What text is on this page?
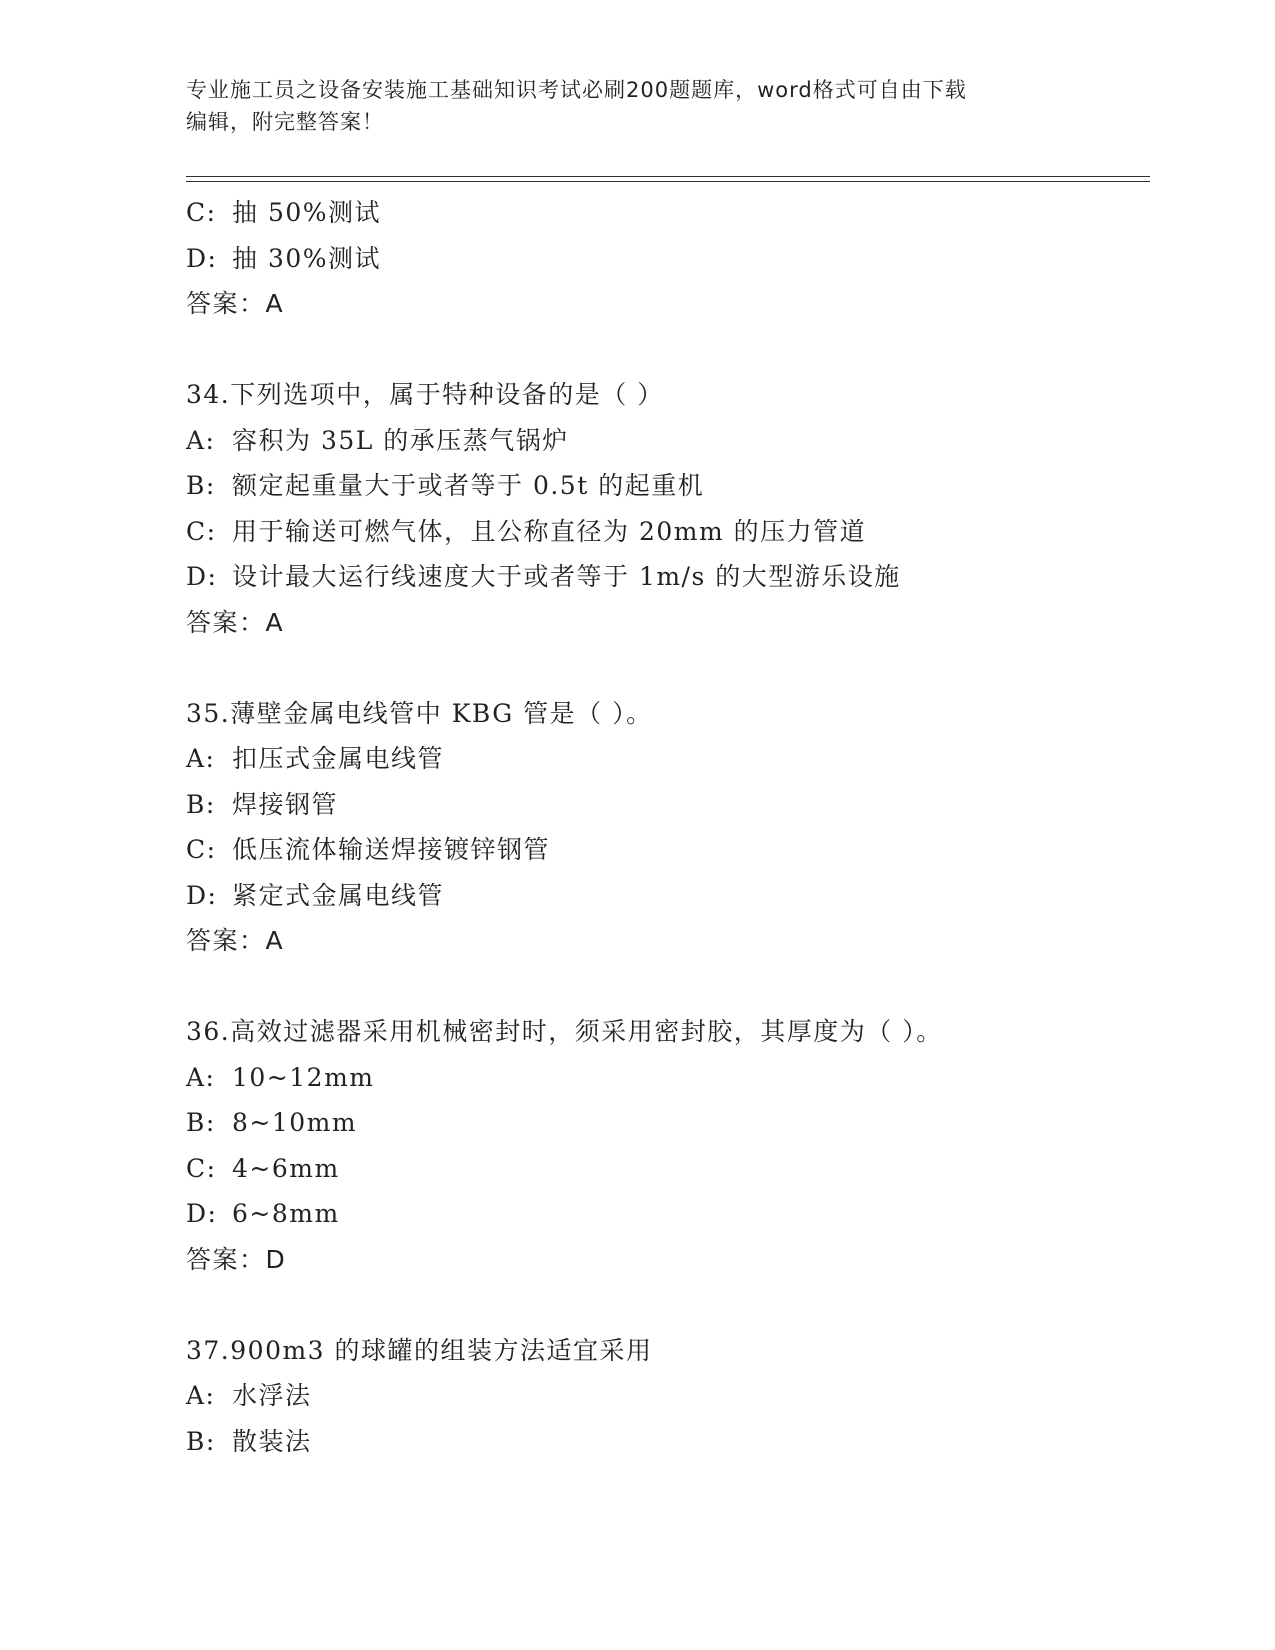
专业施工员之设备安装施工基础知识考试必刷200题题库，word格式可自由下载
编辑，附完整答案！
C: 抽 50%测试
D: 抽 30%测试
答案：A
34.下列选项中，属于特种设备的是（ ）
A: 容积为 35L 的承压蒸气锅炉
B: 额定起重量大于或者等于 0.5t 的起重机
C: 用于输送可燃气体，且公称直径为 20mm 的压力管道
D: 设计最大运行线速度大于或者等于 1m/s 的大型游乐设施
答案：A
35.薄壁金属电线管中 KBG 管是（ ）。
A: 扣压式金属电线管
B: 焊接钢管
C: 低压流体输送焊接镀锌钢管
D: 紧定式金属电线管
答案：A
36.高效过滤器采用机械密封时，须采用密封胶，其厚度为（ ）。
A: 10~12mm
B: 8~10mm
C: 4~6mm
D: 6~8mm
答案：D
37.900m3 的球罐的组装方法适宜采用
A: 水浮法
B: 散装法
